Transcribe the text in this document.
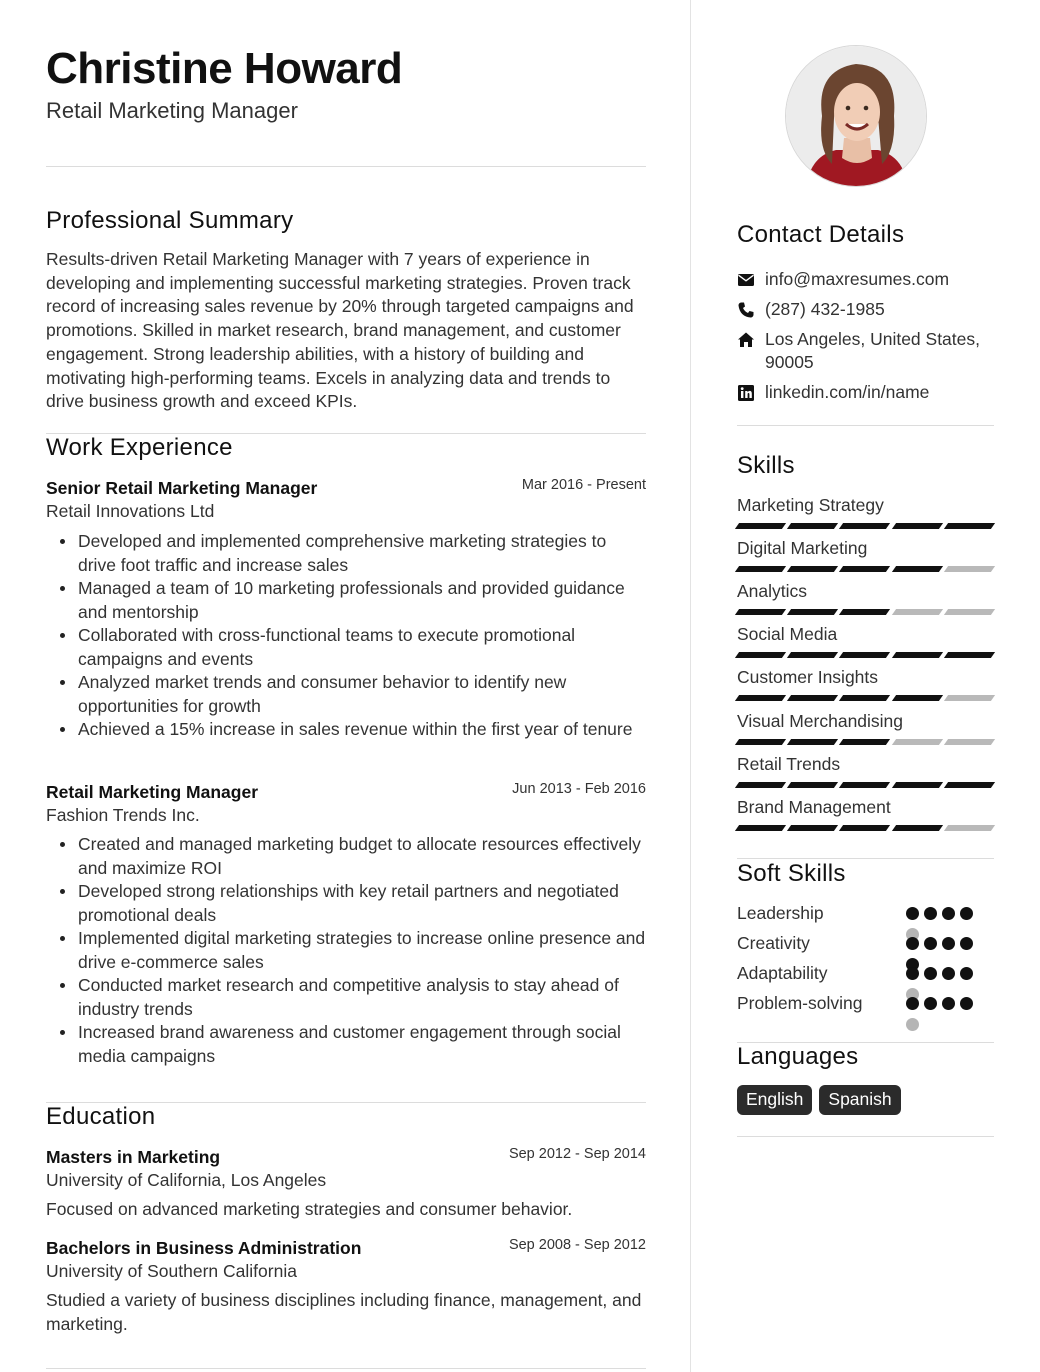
Christine Howard
Retail Marketing Manager
Professional Summary
Results-driven Retail Marketing Manager with 7 years of experience in developing and implementing successful marketing strategies. Proven track record of increasing sales revenue by 20% through targeted campaigns and promotions. Skilled in market research, brand management, and customer engagement. Strong leadership abilities, with a history of building and motivating high-performing teams. Excels in analyzing data and trends to drive business growth and exceed KPIs.
Work Experience
Senior Retail Marketing Manager	Mar 2016 - Present
Retail Innovations Ltd
Developed and implemented comprehensive marketing strategies to drive foot traffic and increase sales
Managed a team of 10 marketing professionals and provided guidance and mentorship
Collaborated with cross-functional teams to execute promotional campaigns and events
Analyzed market trends and consumer behavior to identify new opportunities for growth
Achieved a 15% increase in sales revenue within the first year of tenure
Retail Marketing Manager	Jun 2013 - Feb 2016
Fashion Trends Inc.
Created and managed marketing budget to allocate resources effectively and maximize ROI
Developed strong relationships with key retail partners and negotiated promotional deals
Implemented digital marketing strategies to increase online presence and drive e-commerce sales
Conducted market research and competitive analysis to stay ahead of industry trends
Increased brand awareness and customer engagement through social media campaigns
Education
Masters in Marketing	Sep 2012 - Sep 2014
University of California, Los Angeles
Focused on advanced marketing strategies and consumer behavior.
Bachelors in Business Administration	Sep 2008 - Sep 2012
University of Southern California
Studied a variety of business disciplines including finance, management, and marketing.
Contact Details
info@maxresumes.com
(287) 432-1985
Los Angeles, United States, 90005
linkedin.com/in/name
Skills
Marketing Strategy
Digital Marketing
Analytics
Social Media
Customer Insights
Visual Merchandising
Retail Trends
Brand Management
Soft Skills
Leadership
Creativity
Adaptability
Problem-solving
Languages
English	Spanish
